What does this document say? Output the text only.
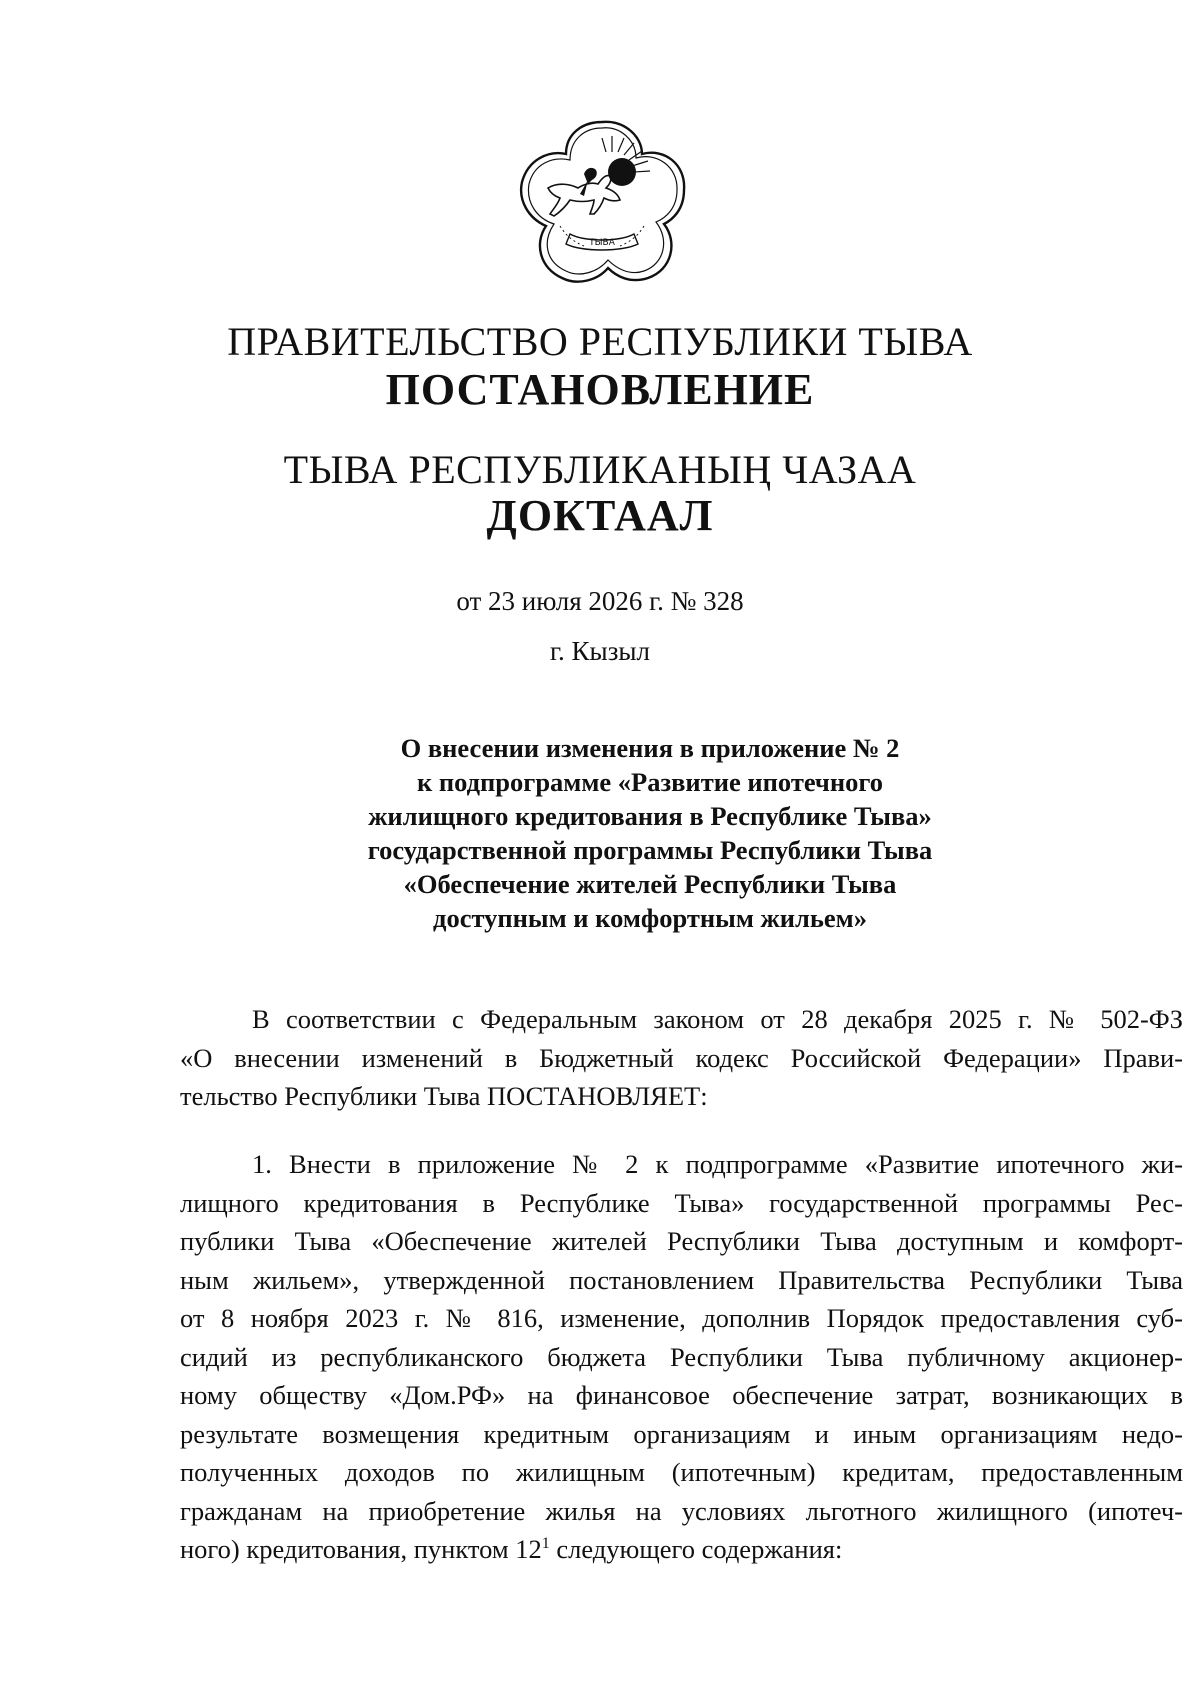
ТЫВА
ПРАВИТЕЛЬСТВО РЕСПУБЛИКИ ТЫВА
ПОСТАНОВЛЕНИЕ
ТЫВА РЕСПУБЛИКАНЫҢ ЧАЗАА
ДОКТААЛ
от 23 июля 2026 г. № 328
г. Кызыл
О внесении изменения в приложение № 2
к подпрограмме «Развитие ипотечного
жилищного кредитования в Республике Тыва»
государственной программы Республики Тыва
«Обеспечение жителей Республики Тыва
доступным и комфортным жильем»
В соответствии с Федеральным законом от 28 декабря 2025 г. № 502-ФЗ
«О внесении изменений в Бюджетный кодекс Российской Федерации» Прави-
тельство Республики Тыва ПОСТАНОВЛЯЕТ:
1. Внести в приложение № 2 к подпрограмме «Развитие ипотечного жи-
лищного кредитования в Республике Тыва» государственной программы Рес-
публики Тыва «Обеспечение жителей Республики Тыва доступным и комфорт-
ным жильем», утвержденной постановлением Правительства Республики Тыва
от 8 ноября 2023 г. № 816, изменение, дополнив Порядок предоставления суб-
сидий из республиканского бюджета Республики Тыва публичному акционер-
ному обществу «Дом.РФ» на финансовое обеспечение затрат, возникающих в
результате возмещения кредитным организациям и иным организациям недо-
полученных доходов по жилищным (ипотечным) кредитам, предоставленным
гражданам на приобретение жилья на условиях льготного жилищного (ипотеч-
ного) кредитования, пунктом $12^1$ следующего содержания:
